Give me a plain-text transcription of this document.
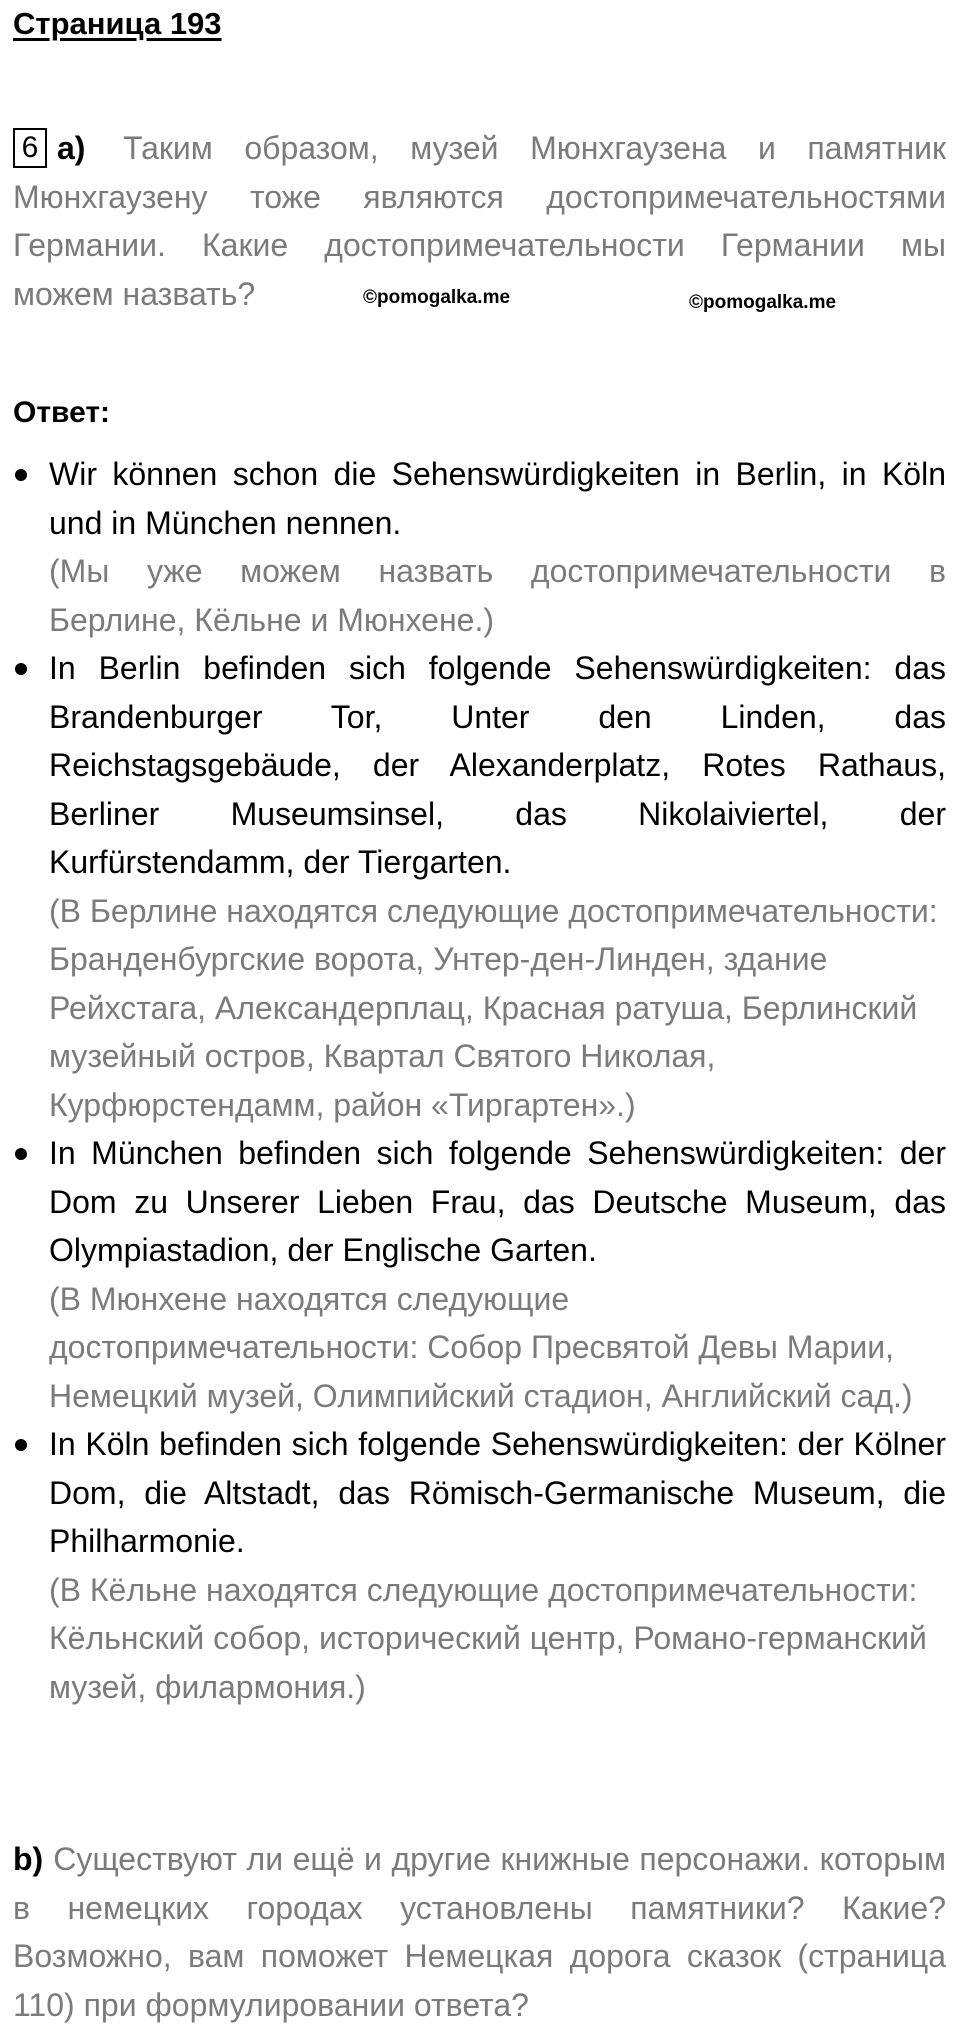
Страница 193
6 а) Таким образом, музей Мюнхгаузена и памятник Мюнхгаузену тоже являются достопримечательностями Германии. Какие достопримечательности Германии мы можем назвать?	©pomogalka.me	©pomogalka.me
Ответ:
Wir können schon die Sehenswürdigkeiten in Berlin, in Köln und in München nennen.
(Мы уже можем назвать достопримечательности в Берлине, Кёльне и Мюнхене.)
In Berlin befinden sich folgende Sehenswürdigkeiten: das Brandenburger Tor, Unter den Linden, das Reichstagsgebäude, der Alexanderplatz, Rotes Rathaus, Berliner Museumsinsel, das Nikolaiviertel, der Kurfürstendamm, der Tiergarten.
(В Берлине находятся следующие достопримечательности: Бранденбургские ворота, Унтер-ден-Линден, здание Рейхстага, Александерплац, Красная ратуша, Берлинский музейный остров, Квартал Святого Николая, Курфюрстендамм, район «Тиргартен».)
In München befinden sich folgende Sehenswürdigkeiten: der Dom zu Unserer Lieben Frau, das Deutsche Museum, das Olympiastadion, der Englische Garten.
(В Мюнхене находятся следующие достопримечательности: Собор Пресвятой Девы Марии, Немецкий музей, Олимпийский стадион, Английский сад.)
In Köln befinden sich folgende Sehenswürdigkeiten: der Kölner Dom, die Altstadt, das Römisch-Germanische Museum, die Philharmonie.
(В Кёльне находятся следующие достопримечательности: Кёльнский собор, исторический центр, Романо-германский музей, филармония.)
b) Существуют ли ещё и другие книжные персонажи. которым в немецких городах установлены памятники? Какие? Возможно, вам поможет Немецкая дорога сказок (страница 110) при формулировании ответа?
